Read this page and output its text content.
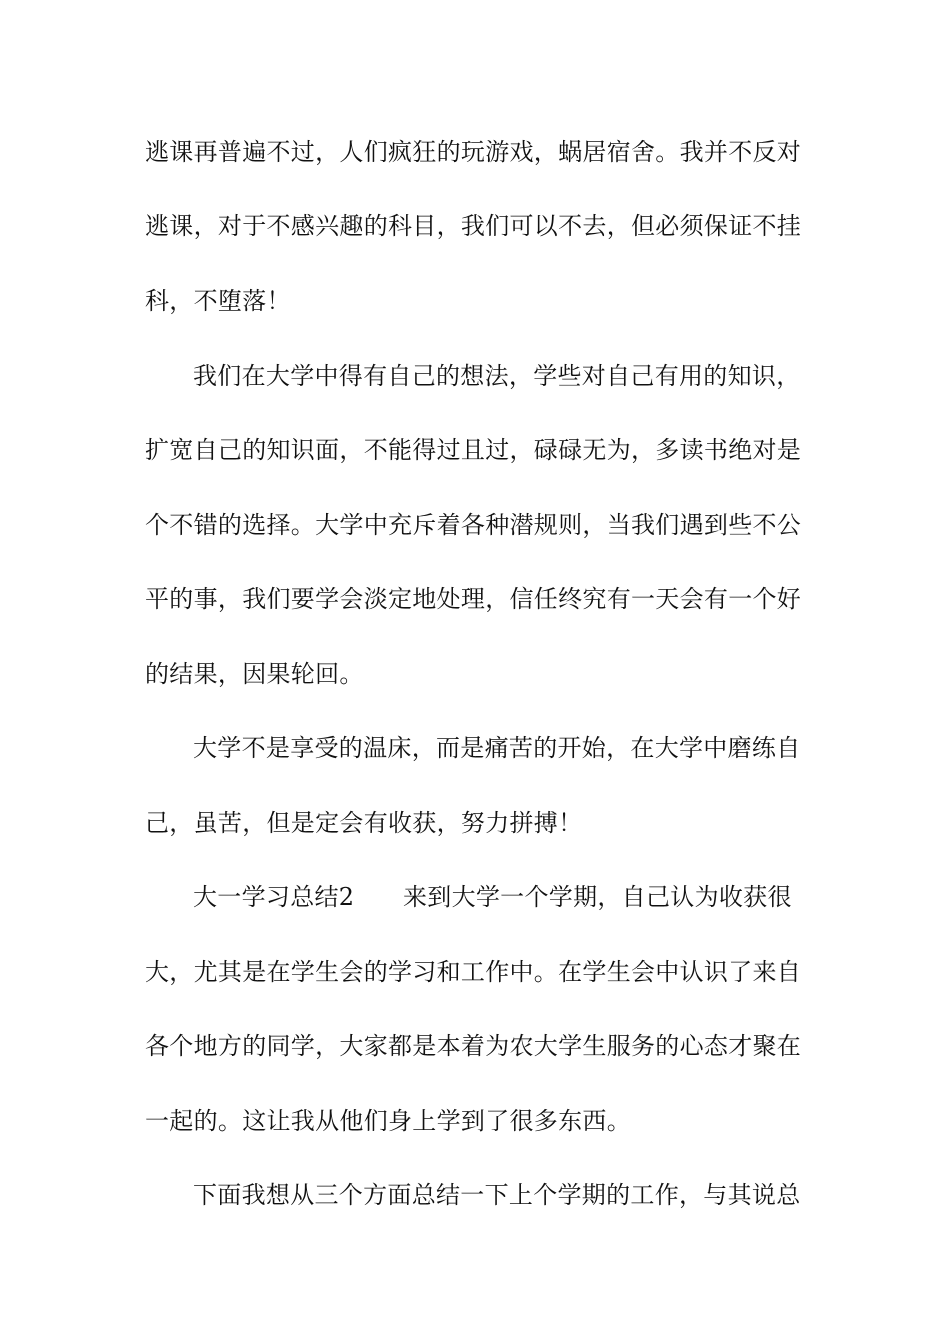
逃课再普遍不过，人们疯狂的玩游戏，蜗居宿舍。我并不反对
逃课，对于不感兴趣的科目，我们可以不去，但必须保证不挂
科，不堕落！
我们在大学中得有自己的想法，学些对自己有用的知识，
扩宽自己的知识面，不能得过且过，碌碌无为，多读书绝对是
个不错的选择。大学中充斥着各种潜规则，当我们遇到些不公
平的事，我们要学会淡定地处理，信任终究有一天会有一个好
的结果，因果轮回。
大学不是享受的温床，而是痛苦的开始，在大学中磨练自
己，虽苦，但是定会有收获，努力拼搏！
大一学习总结2　　来到大学一个学期，自己认为收获很
大，尤其是在学生会的学习和工作中。在学生会中认识了来自
各个地方的同学，大家都是本着为农大学生服务的心态才聚在
一起的。这让我从他们身上学到了很多东西。
下面我想从三个方面总结一下上个学期的工作，与其说总
